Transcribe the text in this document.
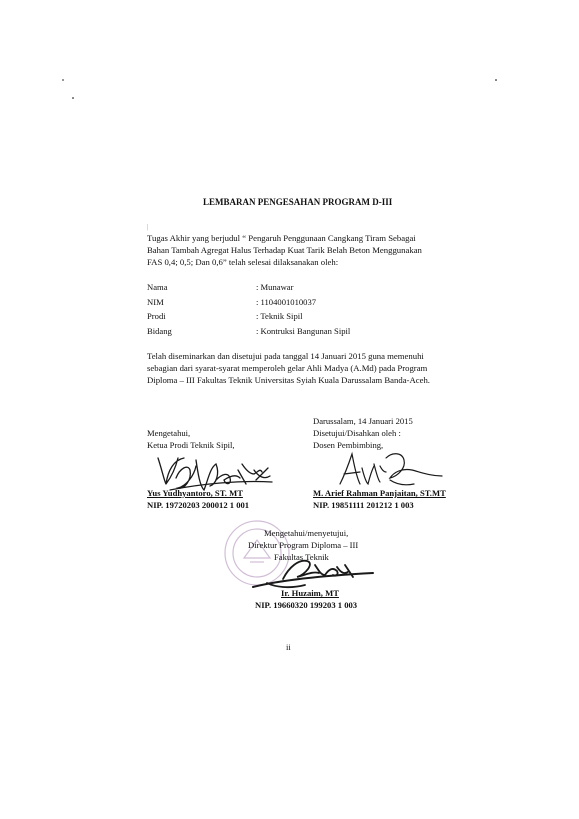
LEMBARAN PENGESAHAN PROGRAM D-III
|
Tugas Akhir yang berjudul “ Pengaruh Penggunaan Cangkang Tiram Sebagai
Bahan Tambah Agregat Halus Terhadap Kuat Tarik Belah Beton Menggunakan
FAS 0,4; 0,5; Dan 0,6” telah selesai dilaksanakan oleh:
Nama	: Munawar
NIM	: 1104001010037
Prodi	: Teknik Sipil
Bidang	: Kontruksi Bangunan Sipil
Telah diseminarkan dan disetujui pada tanggal 14 Januari 2015 guna memenuhi
sebagian dari syarat-syarat memperoleh gelar Ahli Madya (A.Md) pada Program
Diploma – III Fakultas Teknik Universitas Syiah Kuala Darussalam Banda-Aceh.
Darussalam, 14 Januari 2015
Disetujui/Disahkan oleh :
Dosen Pembimbing,
Mengetahui,
Ketua Prodi Teknik Sipil,
Yus Yudhyantoro, ST. MT
NIP. 19720203 200012 1 001
M. Arief Rahman Panjaitan, ST.MT
NIP. 19851111 201212 1 003
Mengetahui/menyetujui,
Direktur Program Diploma – III
Fakultas Teknik
Ir. Huzaim, MT
NIP. 19660320 199203 1 003
ii
